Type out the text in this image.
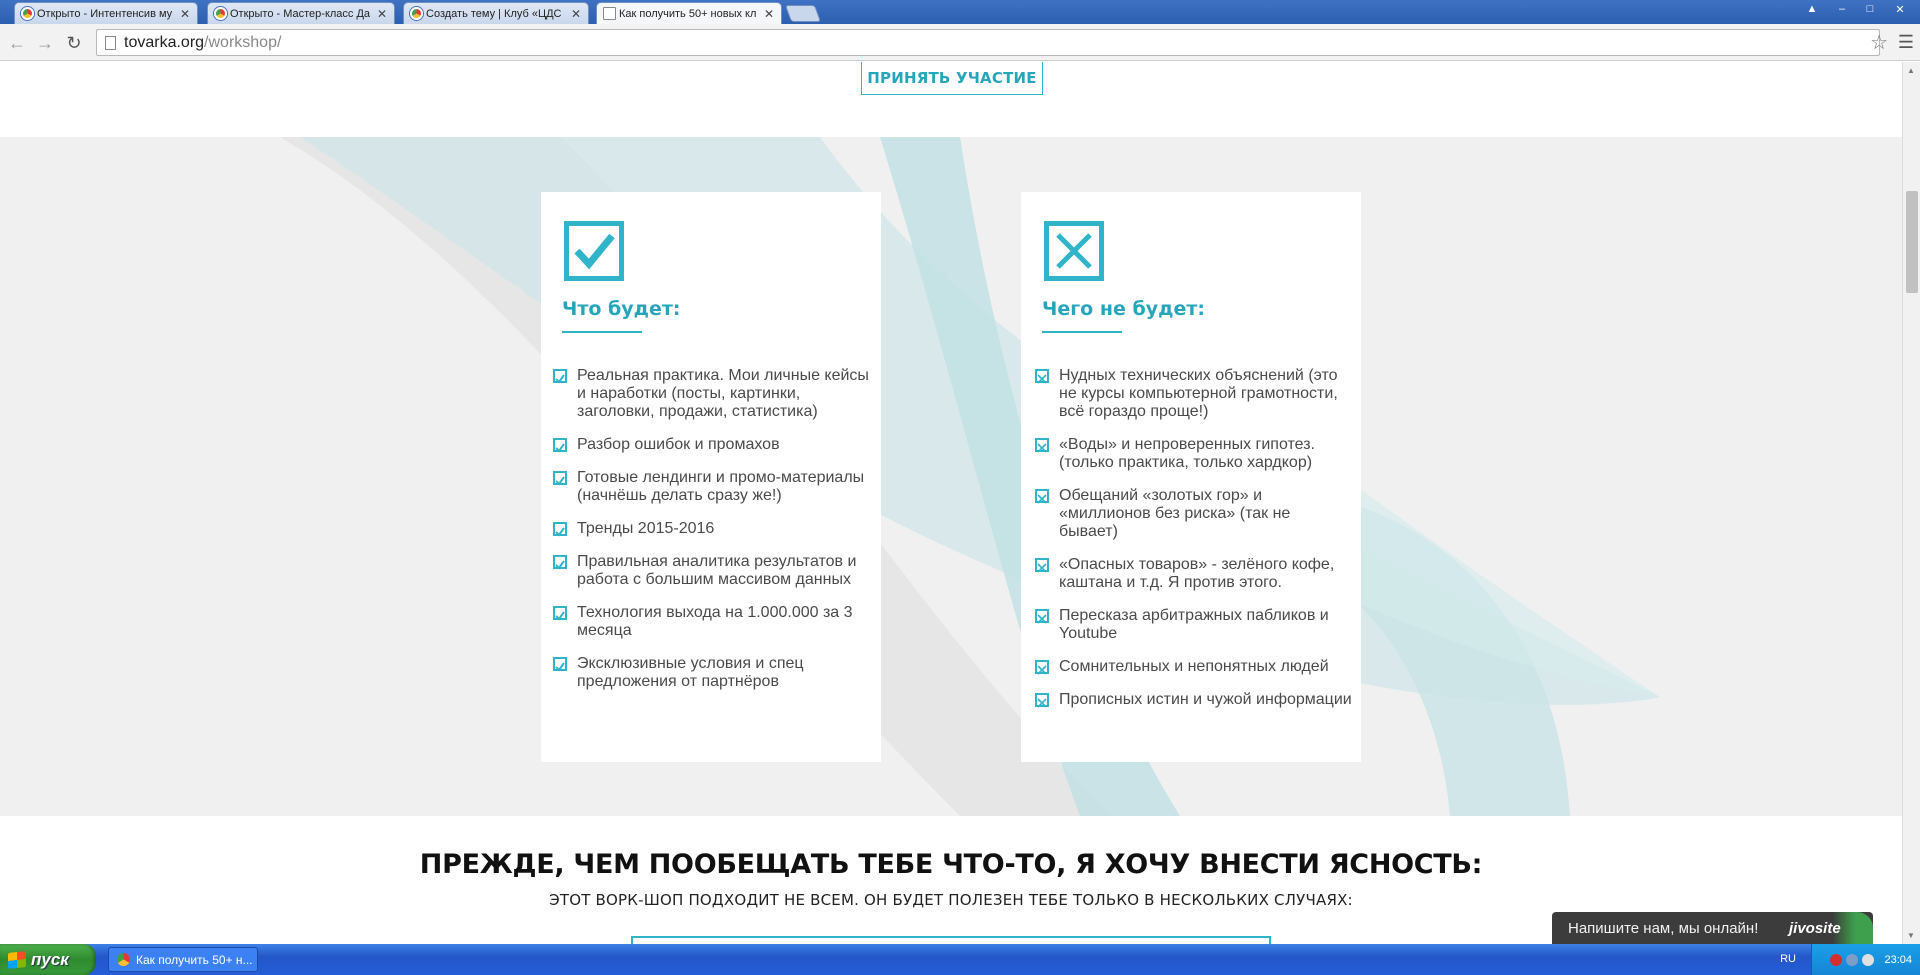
Открыто - Интентенсив му ✕	Открыто - Мастер-класс Да ✕	Создать тему | Клуб «ЦДС ✕	Как получить 50+ новых кл ✕	▲	–	□	✕
← → ↻	tovarka.org /workshop/	☆ ☰
ПРИНЯТЬ УЧАСТИЕ
Что будет:
Реальная практика. Мои личные кейсы и наработки (посты, картинки, заголовки, продажи, статистика)
Разбор ошибок и промахов
Готовые лендинги и промо-материалы (начнёшь делать сразу же!)
Тренды 2015-2016
Правильная аналитика результатов и работа с большим массивом данных
Технология выхода на 1.000.000 за 3 месяца
Эксклюзивные условия и спец предложения от партнёров
Чего не будет:
Нудных технических объяснений (это не курсы компьютерной грамотности, всё гораздо проще!)
«Воды» и непроверенных гипотез. (только практика, только хардкор)
Обещаний «золотых гор» и «миллионов без риска» (так не бывает)
«Опасных товаров» - зелёного кофе, каштана и т.д. Я против этого.
Пересказа арбитражных пабликов и Youtube
Сомнительных и непонятных людей
Прописных истин и чужой информации
ПРЕЖДЕ, ЧЕМ ПООБЕЩАТЬ ТЕБЕ ЧТО-ТО, Я ХОЧУ ВНЕСТИ ЯСНОСТЬ:
ЭТОТ ВОРК-ШОП ПОДХОДИТ НЕ ВСЕМ. ОН БУДЕТ ПОЛЕЗЕН ТЕБЕ ТОЛЬКО В НЕСКОЛЬКИХ СЛУЧАЯХ:
▲
▼
Напишите нам, мы онлайн!	jivosite
пуск	Как получить 50+ н...	RU	23:04
